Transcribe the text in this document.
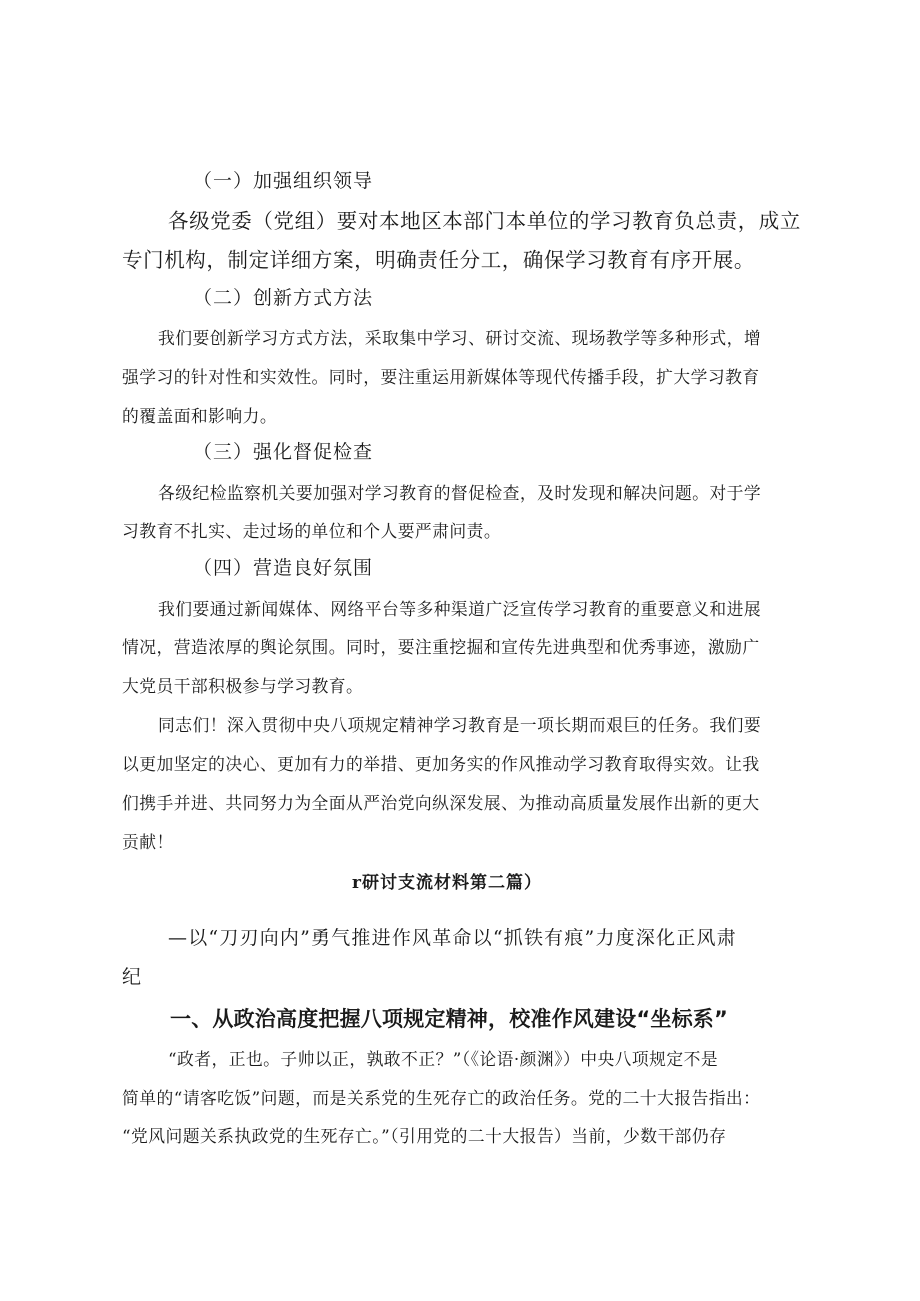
（一）加强组织领导
各级党委（党组）要对本地区本部门本单位的学习教育负总责，成立
专门机构，制定详细方案，明确责任分工，确保学习教育有序开展。
（二）创新方式方法
我们要创新学习方式方法，采取集中学习、研讨交流、现场教学等多种形式，增
强学习的针对性和实效性。同时，要注重运用新媒体等现代传播手段，扩大学习教育
的覆盖面和影响力。
（三）强化督促检查
各级纪检监察机关要加强对学习教育的督促检查，及时发现和解决问题。对于学
习教育不扎实、走过场的单位和个人要严肃问责。
（四）营造良好氛围
我们要通过新闻媒体、网络平台等多种渠道广泛宣传学习教育的重要意义和进展
情况，营造浓厚的舆论氛围。同时，要注重挖掘和宣传先进典型和优秀事迹，激励广
大党员干部积极参与学习教育。
同志们！深入贯彻中央八项规定精神学习教育是一项长期而艰巨的任务。我们要
以更加坚定的决心、更加有力的举措、更加务实的作风推动学习教育取得实效。让我
们携手并进、共同努力为全面从严治党向纵深发展、为推动高质量发展作出新的更大
贡献！
r研讨支流材料第二篇）
—以“刀刃向内”勇气推进作风革命以“抓铁有痕”力度深化正风肃
纪
一、从政治高度把握八项规定精神，校准作风建设“坐标系”
“政者，正也。子帅以正，孰敢不正？”（《论语·颜渊》）中央八项规定不是
简单的“请客吃饭”问题，而是关系党的生死存亡的政治任务。党的二十大报告指出：
“党风问题关系执政党的生死存亡。”（引用党的二十大报告）当前，少数干部仍存
